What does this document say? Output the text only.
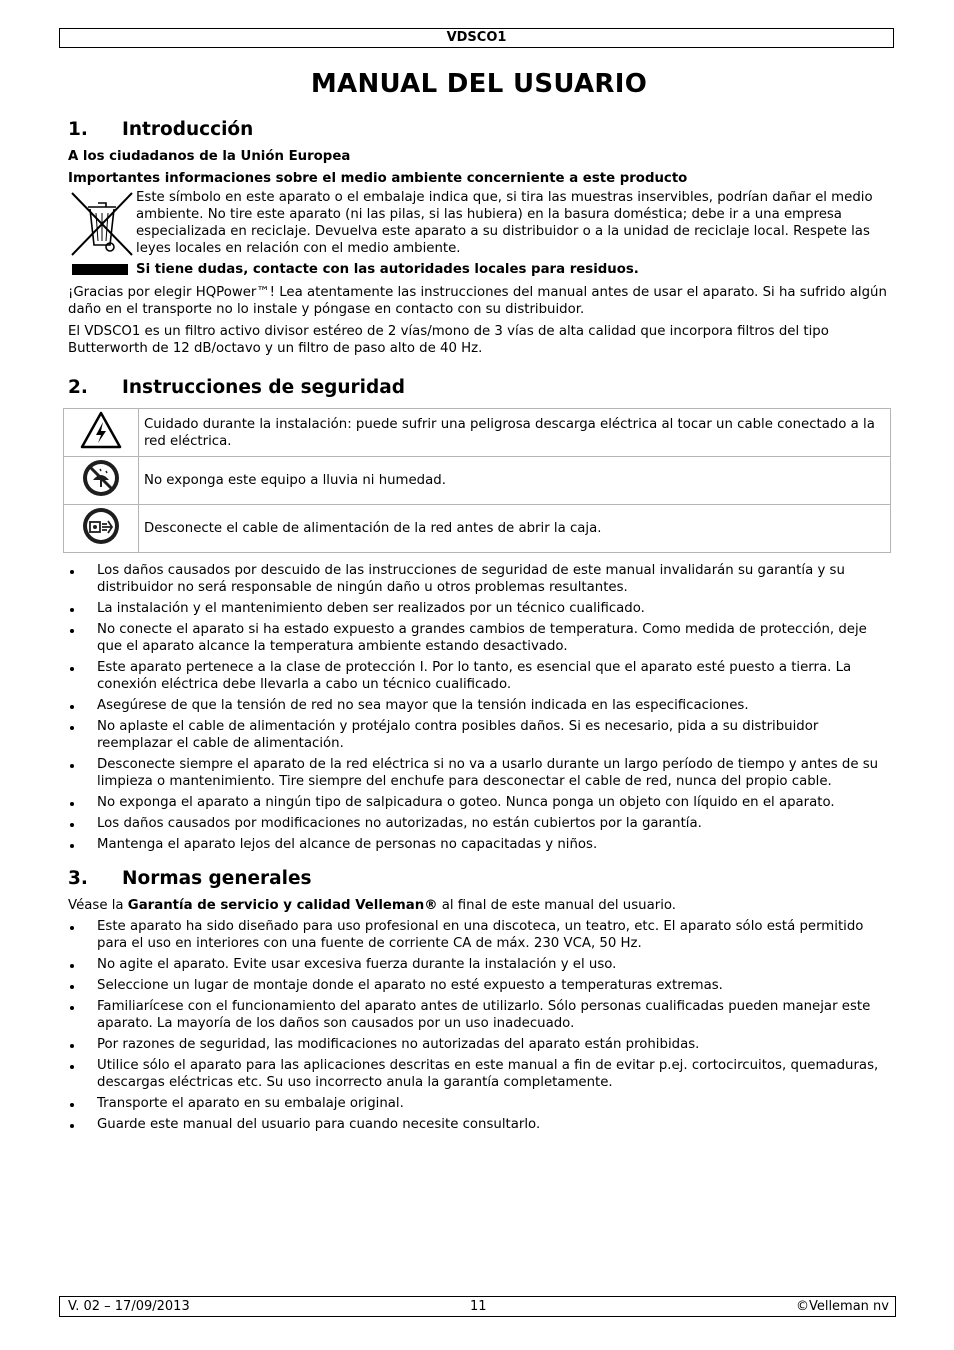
VDSCO1
MANUAL DEL USUARIO
1.	Introducción

A los ciudadanos de la Unión Europea

Importantes informaciones sobre el medio ambiente concerniente a este producto

Este símbolo en este aparato o el embalaje indica que, si tira las muestras inservibles, podrían dañar el medio ambiente. No tire este aparato (ni las pilas, si las hubiera) en la basura doméstica; debe ir a una empresa especializada en reciclaje. Devuelva este aparato a su distribuidor o a la unidad de reciclaje local. Respete las leyes locales en relación con el medio ambiente.

Si tiene dudas, contacte con las autoridades locales para residuos.

¡Gracias por elegir HQPower™! Lea atentamente las instrucciones del manual antes de usar el aparato. Si ha sufrido algún daño en el transporte no lo instale y póngase en contacto con su distribuidor.

El VDSCO1 es un filtro activo divisor estéreo de 2 vías/mono de 3 vías de alta calidad que incorpora filtros del tipo Butterworth de 12 dB/octavo y un filtro de paso alto de 40 Hz.

2.	Instrucciones de seguridad
	Cuidado durante la instalación: puede sufrir una peligrosa descarga eléctrica al tocar un cable conectado a la red eléctrica.
	No exponga este equipo a lluvia ni humedad.
	Desconecte el cable de alimentación de la red antes de abrir la caja.
Los daños causados por descuido de las instrucciones de seguridad de este manual invalidarán su garantía y su distribuidor no será responsable de ningún daño u otros problemas resultantes.
La instalación y el mantenimiento deben ser realizados por un técnico cualificado.
No conecte el aparato si ha estado expuesto a grandes cambios de temperatura. Como medida de protección, deje que el aparato alcance la temperatura ambiente estando desactivado.
Este aparato pertenece a la clase de protección I. Por lo tanto, es esencial que el aparato esté puesto a tierra. La conexión eléctrica debe llevarla a cabo un técnico cualificado.
Asegúrese de que la tensión de red no sea mayor que la tensión indicada en las especificaciones.
No aplaste el cable de alimentación y protéjalo contra posibles daños. Si es necesario, pida a su distribuidor reemplazar el cable de alimentación.
Desconecte siempre el aparato de la red eléctrica si no va a usarlo durante un largo período de tiempo y antes de su limpieza o mantenimiento. Tire siempre del enchufe para desconectar el cable de red, nunca del propio cable.
No exponga el aparato a ningún tipo de salpicadura o goteo. Nunca ponga un objeto con líquido en el aparato.
Los daños causados por modificaciones no autorizadas, no están cubiertos por la garantía.
Mantenga el aparato lejos del alcance de personas no capacitadas y niños.
3.	Normas generales

Véase la Garantía de servicio y calidad Velleman® al final de este manual del usuario.

Este aparato ha sido diseñado para uso profesional en una discoteca, un teatro, etc. El aparato sólo está permitido para el uso en interiores con una fuente de corriente CA de máx. 230 VCA, 50 Hz.
No agite el aparato. Evite usar excesiva fuerza durante la instalación y el uso.
Seleccione un lugar de montaje donde el aparato no esté expuesto a temperaturas extremas.
Familiarícese con el funcionamiento del aparato antes de utilizarlo. Sólo personas cualificadas pueden manejar este aparato. La mayoría de los daños son causados por un uso inadecuado.
Por razones de seguridad, las modificaciones no autorizadas del aparato están prohibidas.
Utilice sólo el aparato para las aplicaciones descritas en este manual a fin de evitar p.ej. cortocircuitos, quemaduras, descargas eléctricas etc. Su uso incorrecto anula la garantía completamente.
Transporte el aparato en su embalaje original.
Guarde este manual del usuario para cuando necesite consultarlo.
V. 02 – 17/09/2013	11	©Velleman nv
